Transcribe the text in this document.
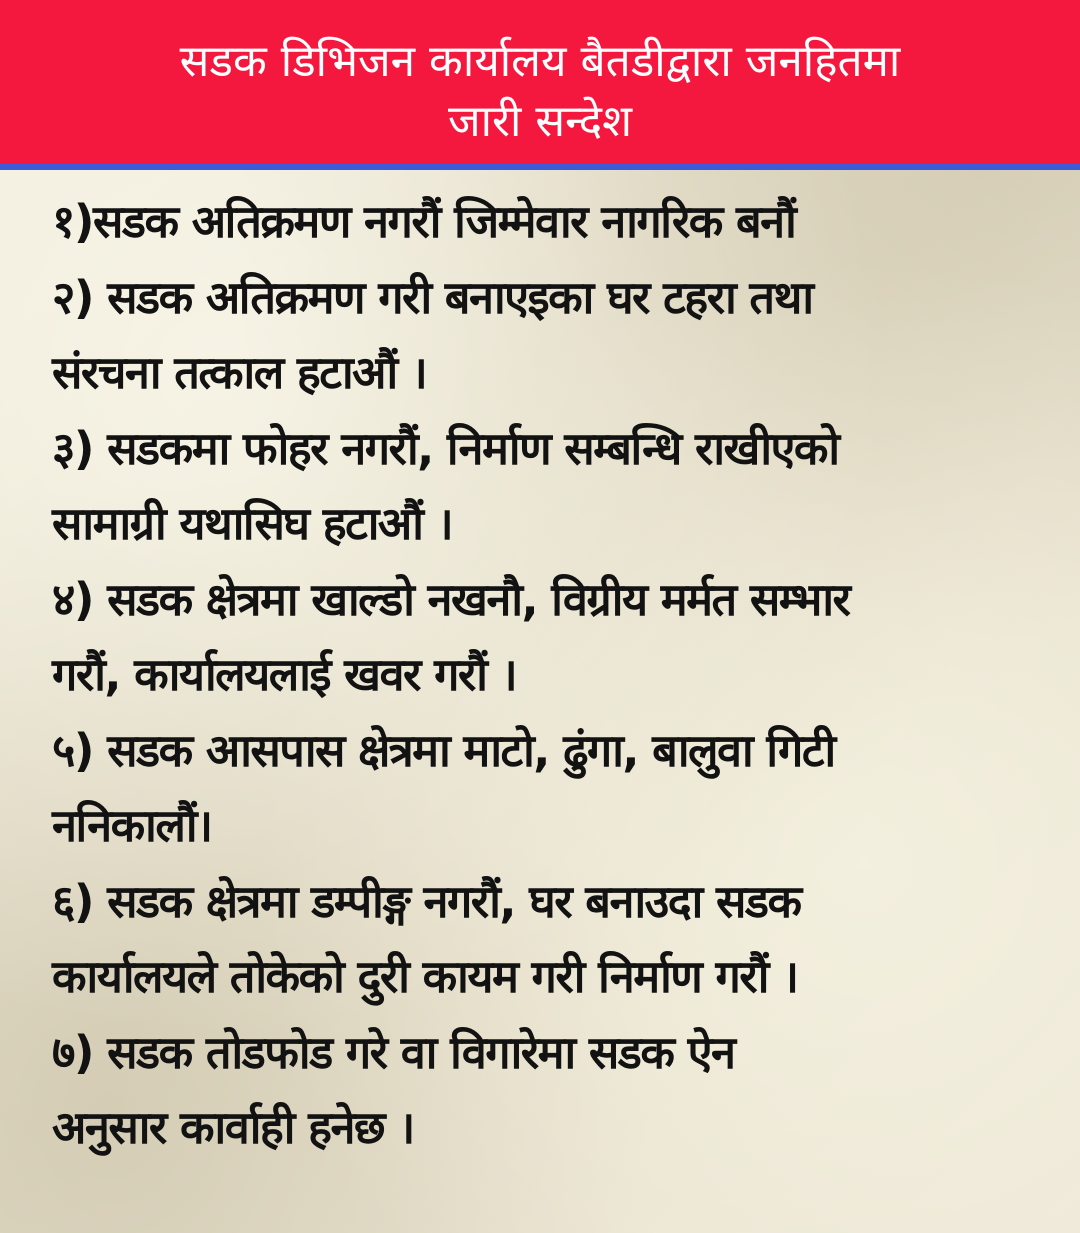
सडक डिभिजन कार्यालय बैतडीद्वारा जनहितमा
जारी सन्देश
१)सडक अतिक्रमण नगरौं जिम्मेवार नागरिक बनौं
२) सडक अतिक्रमण गरी बनाएइका घर टहरा तथा
संरचना तत्काल हटाऔं ।
३) सडकमा फोहर नगरौं, निर्माण सम्बन्धि राखीएको
सामाग्री यथासिघ हटाऔं ।
४) सडक क्षेत्रमा खाल्डो नखनौ, विग्रीय मर्मत सम्भार
गरौं, कार्यालयलाई खवर गरौं ।
५) सडक आसपास क्षेत्रमा माटो, ढुंगा, बालुवा गिटी
ननिकालौं।
६) सडक क्षेत्रमा डम्पीङ्ग नगरौं, घर बनाउदा सडक
कार्यालयले तोकेको दुरी कायम गरी निर्माण गरौं ।
७) सडक तोडफोड गरे वा विगारेमा सडक ऐन
अनुसार कार्वाही हनेछ ।
